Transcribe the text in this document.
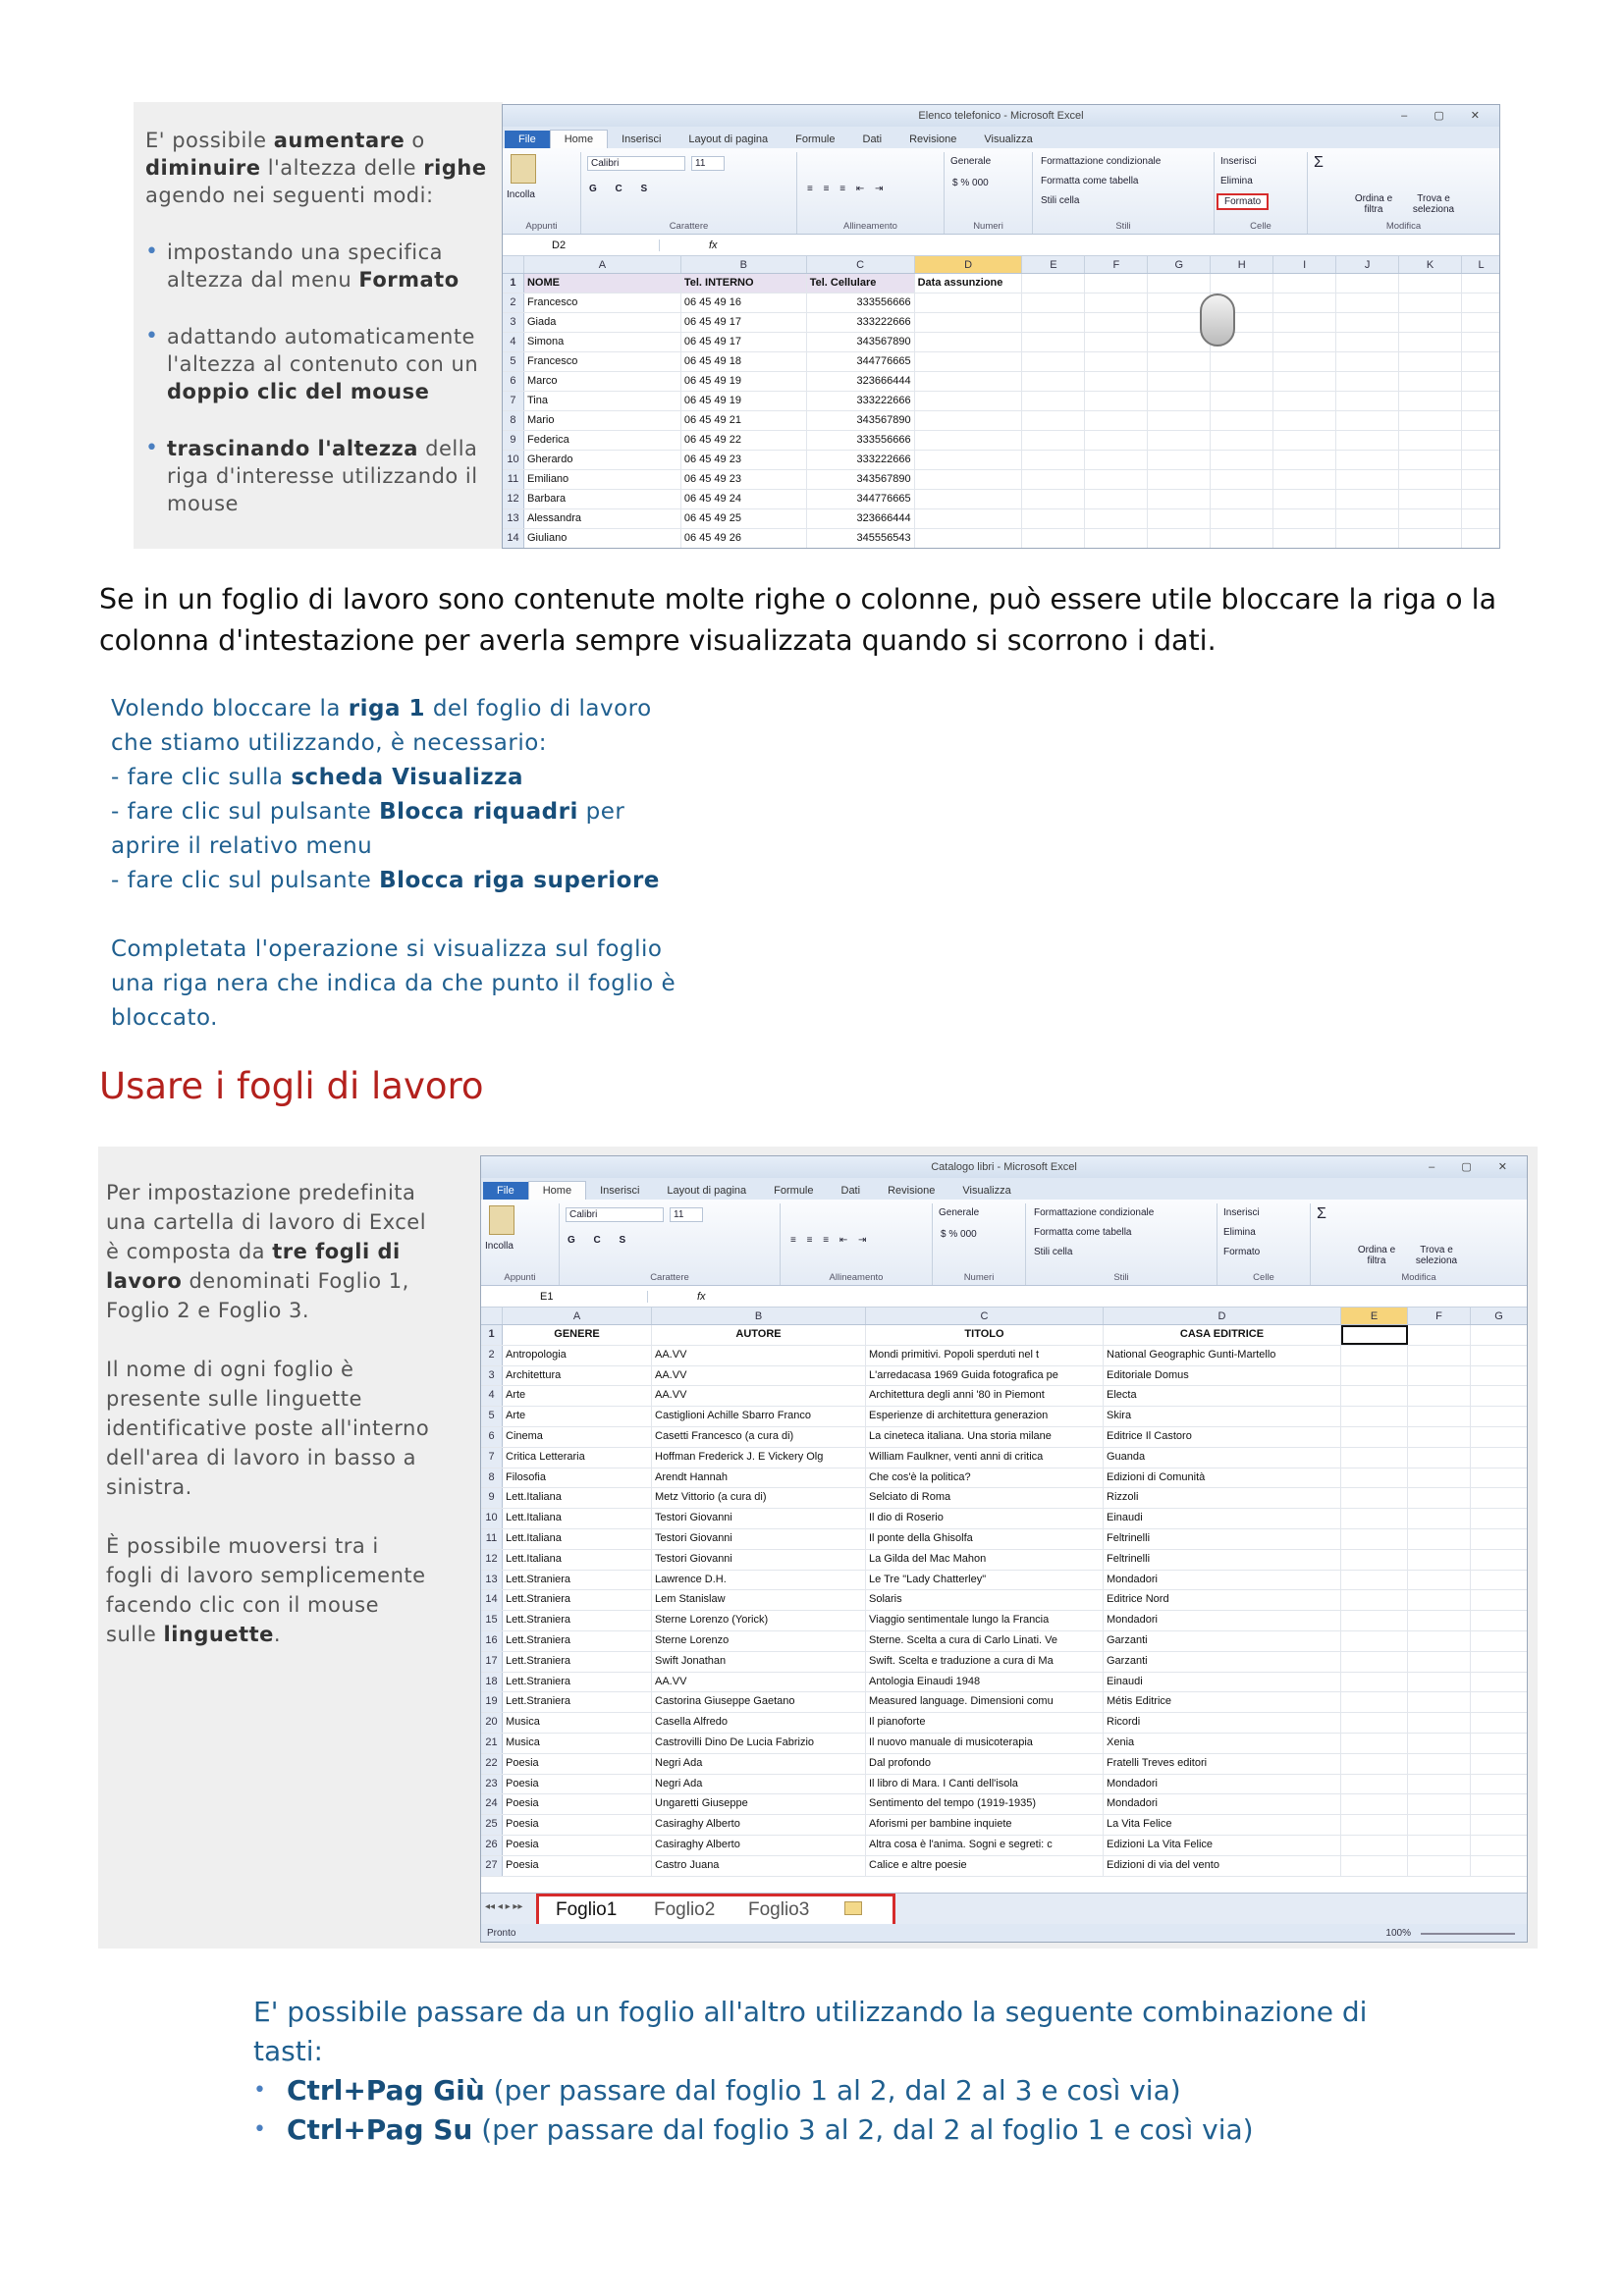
E' possibile aumentare o diminuire l'altezza delle righe agendo nei seguenti modi:
• impostando una specifica altezza dal menu Formato
• adattando automaticamente l'altezza al contenuto con un doppio clic del mouse
• trascinando l'altezza della riga d'interesse utilizzando il mouse
Elenco telefonico - Microsoft Excel	– ▢ ✕
File	Home	Inserisci	Layout di pagina	Formule	Dati	Revisione	Visualizza
Incolla
Appunti
Calibri	11
G C S
Carattere
≡ ≡ ≡ ⇤ ⇥
Allineamento
Generale
$ % 000
Numeri
Formattazione condizionale
Formatta come tabella
Stili cella
Stili
Inserisci
Elimina
Formato
Celle
Σ
Ordina e filtra
Trova e seleziona
Modifica
D2	fx
A	B	C	D	E	F	G	H	I	J	K	L
1	NOME	Tel. INTERNO	Tel. Cellulare	Data assunzione
2	Francesco	06 45 49 16	333556666
3	Giada	06 45 49 17	333222666
4	Simona	06 45 49 17	343567890
5	Francesco	06 45 49 18	344776665
6	Marco	06 45 49 19	323666444
7	Tina	06 45 49 19	333222666
8	Mario	06 45 49 21	343567890
9	Federica	06 45 49 22	333556666
10 Gherardo	06 45 49 23	333222666
11 Emiliano	06 45 49 23	343567890
12 Barbara	06 45 49 24	344776665
13 Alessandra	06 45 49 25	323666444
14 Giuliano	06 45 49 26	345556543
Se in un foglio di lavoro sono contenute molte righe o colonne, può essere utile bloccare la riga o la colonna d'intestazione per averla sempre visualizzata quando si scorrono i dati.
Volendo bloccare la riga 1 del foglio di lavoro
che stiamo utilizzando, è necessario:
- fare clic sulla scheda Visualizza
- fare clic sul pulsante Blocca riquadri per
aprire il relativo menu
- fare clic sul pulsante Blocca riga superiore
Completata l'operazione si visualizza sul foglio
una riga nera che indica da che punto il foglio è
bloccato.
Usare i fogli di lavoro
Per impostazione predefinita una cartella di lavoro di Excel è composta da tre fogli di lavoro denominati Foglio 1, Foglio 2 e Foglio 3.
Il nome di ogni foglio è presente sulle linguette identificative poste all'interno dell'area di lavoro in basso a sinistra.
È possibile muoversi tra i fogli di lavoro semplicemente facendo clic con il mouse sulle linguette.
Catalogo libri - Microsoft Excel	– ▢ ✕
File	Home	Inserisci	Layout di pagina	Formule	Dati	Revisione	Visualizza
Incolla
Appunti
Calibri	11
G C S
Carattere
≡ ≡ ≡ ⇤ ⇥
Allineamento
Generale
$ % 000
Numeri
Formattazione condizionale
Formatta come tabella
Stili cella
Stili
Inserisci
Elimina
Formato
Celle
Σ
Ordina e filtra
Trova e seleziona
Modifica
E1	fx
A	B	C	D	E	F	G
1	GENERE	AUTORE	TITOLO	CASA EDITRICE
2	Antropologia	AA.VV	Mondi primitivi. Popoli sperduti nel t	National Geographic Gunti-Martello
3	Architettura	AA.VV	L'arredacasa 1969 Guida fotografica pe	Editoriale Domus
4	Arte	AA.VV	Architettura degli anni '80 in Piemont	Electa
5	Arte	Castiglioni Achille Sbarro Franco	Esperienze di architettura generazion	Skira
6	Cinema	Casetti Francesco (a cura di)	La cineteca italiana. Una storia milane	Editrice Il Castoro
7	Critica Letteraria	Hoffman Frederick J. E Vickery Olg	William Faulkner, venti anni di critica	Guanda
8	Filosofia	Arendt Hannah	Che cos'è la politica?	Edizioni di Comunità
9	Lett.Italiana	Metz Vittorio (a cura di)	Selciato di Roma	Rizzoli
10 Lett.Italiana	Testori Giovanni	Il dio di Roserio	Einaudi
11 Lett.Italiana	Testori Giovanni	Il ponte della Ghisolfa	Feltrinelli
12 Lett.Italiana	Testori Giovanni	La Gilda del Mac Mahon	Feltrinelli
13 Lett.Straniera	Lawrence D.H.	Le Tre "Lady Chatterley"	Mondadori
14 Lett.Straniera	Lem Stanislaw	Solaris	Editrice Nord
15 Lett.Straniera	Sterne Lorenzo (Yorick)	Viaggio sentimentale lungo la Francia	Mondadori
16 Lett.Straniera	Sterne Lorenzo	Sterne. Scelta a cura di Carlo Linati. Ve	Garzanti
17 Lett.Straniera	Swift Jonathan	Swift. Scelta e traduzione a cura di Ma	Garzanti
18 Lett.Straniera	AA.VV	Antologia Einaudi 1948	Einaudi
19 Lett.Straniera	Castorina Giuseppe Gaetano	Measured language. Dimensioni comu	Métis Editrice
20 Musica	Casella Alfredo	Il pianoforte	Ricordi
21 Musica	Castrovilli Dino De Lucia Fabrizio	Il nuovo manuale di musicoterapia	Xenia
22 Poesia	Negri Ada	Dal profondo	Fratelli Treves editori
23 Poesia	Negri Ada	Il libro di Mara. I Canti dell'isola	Mondadori
24 Poesia	Ungaretti Giuseppe	Sentimento del tempo (1919-1935)	Mondadori
25 Poesia	Casiraghy Alberto	Aforismi per bambine inquiete	La Vita Felice
26 Poesia	Casiraghy Alberto	Altra cosa è l'anima. Sogni e segreti: c	Edizioni La Vita Felice
27 Poesia	Castro Juana	Calice e altre poesie	Edizioni di via del vento
◂◂ ◂ ▸ ▸▸ Foglio1 Foglio2 Foglio3
Pronto	100%
E' possibile passare da un foglio all'altro utilizzando la seguente combinazione di tasti:
• Ctrl+Pag Giù (per passare dal foglio 1 al 2, dal 2 al 3 e così via)
• Ctrl+Pag Su (per passare dal foglio 3 al 2, dal 2 al foglio 1 e così via)
